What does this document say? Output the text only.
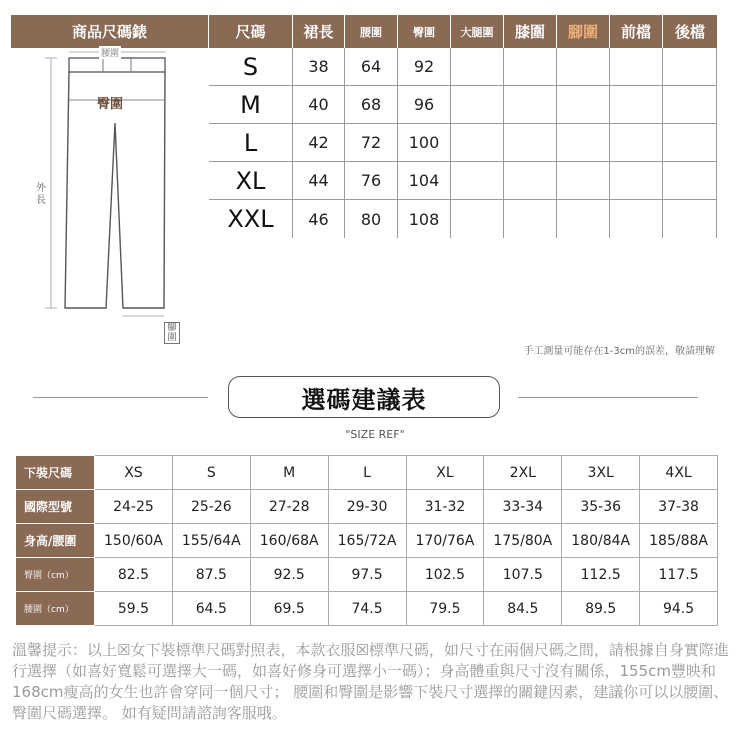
商品尺碼錶	尺碼	裙長	腰圍	臀圍	大腿圍	膝圍	腳圍	前檔	後檔
腰圍
臀圍
外長
腳圍
S	38	64	92
M	40	68	96
L	42	72	100
XL	44	76	104
XXL	46	80	108
手工測量可能存在1-3cm的誤差，敬請理解
選碼建議表
"SIZE REF"
下裝尺碼	XS	S	M	L	XL	2XL	3XL	4XL
國際型號	24-25	25-26	27-28	29-30	31-32	33-34	35-36	37-38
身高/腰圍	150/60A	155/64A	160/68A	165/72A	170/76A	175/80A	180/84A	185/88A
臀圍（cm）	82.5	87.5	92.5	97.5	102.5	107.5	112.5	117.5
腰圍（cm）	59.5	64.5	69.5	74.5	79.5	84.5	89.5	94.5
溫馨提示：以上☒女下裝標準尺碼對照表，本款衣服☒標準尺碼，如尺寸在兩個尺碼之間，請根據自身實際進行選擇（如喜好寬鬆可選擇大一碼，如喜好修身可選擇小一碼）；身高體重與尺寸沒有關係，155cm豐映和168cm瘦高的女生也許會穿同一個尺寸； 腰圍和臀圍是影響下裝尺寸選擇的關鍵因素，建議你可以以腰圍、臀圍尺碼選擇。 如有疑問請諮詢客服哦。
